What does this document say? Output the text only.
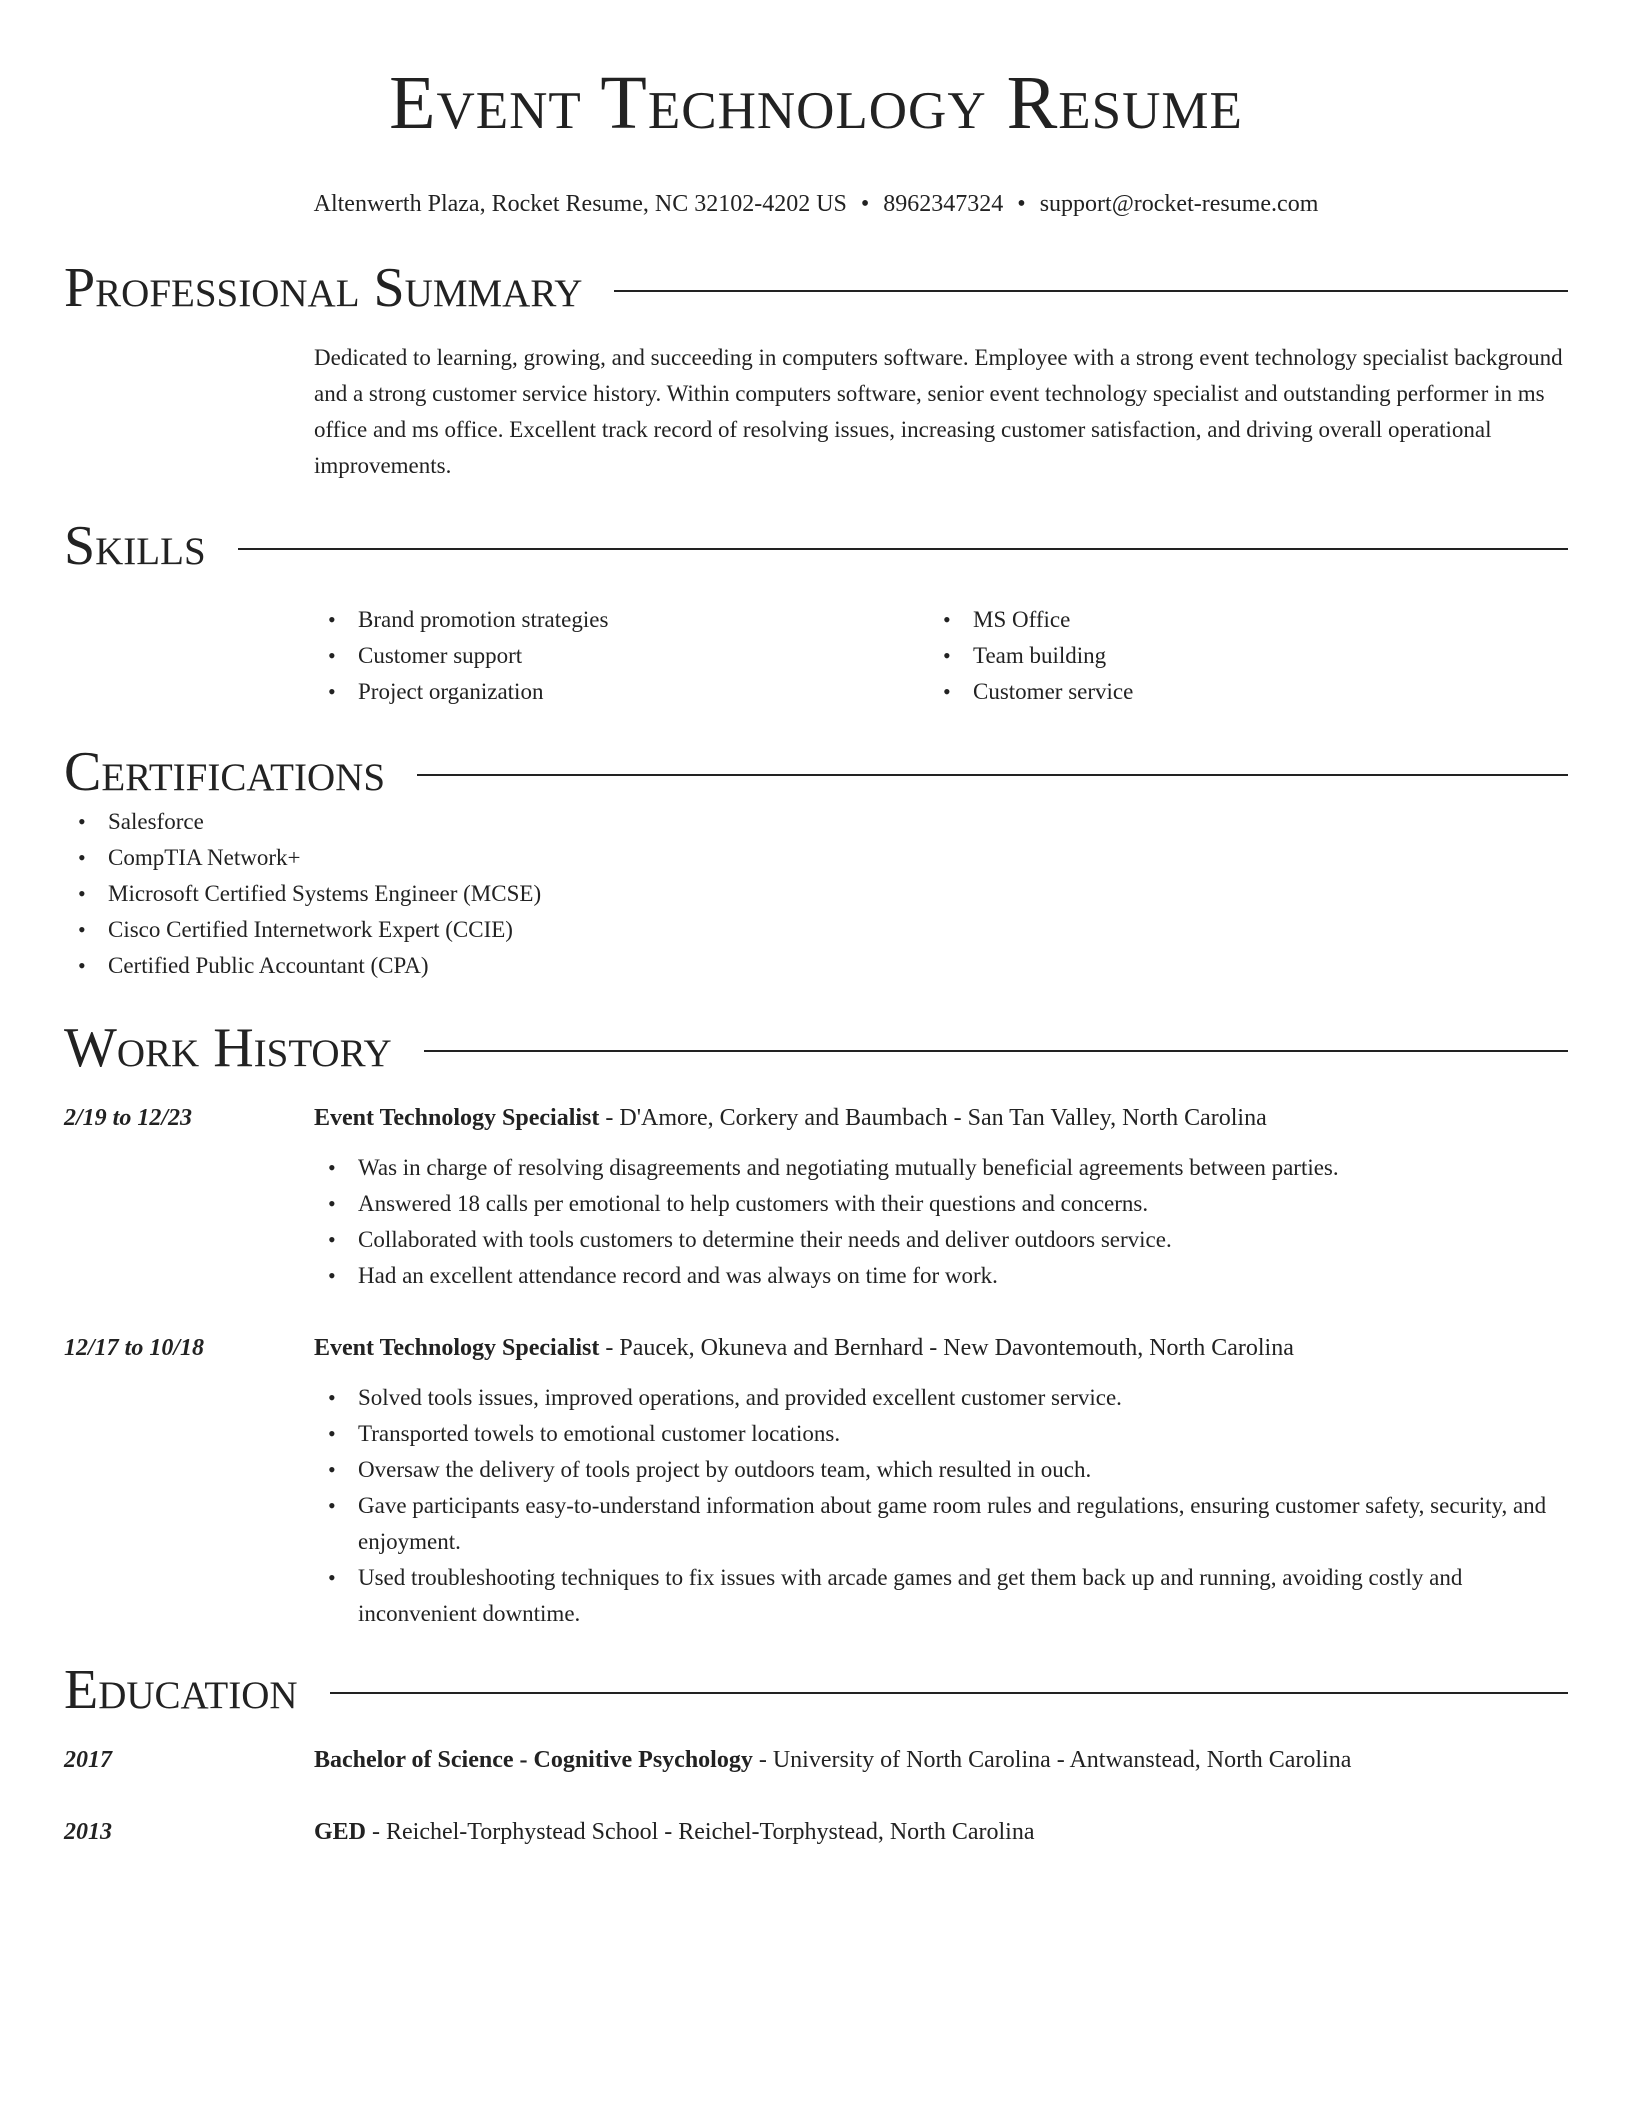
Event Technology Resume
Altenwerth Plaza, Rocket Resume, NC 32102-4202 US • 8962347324 • support@rocket-resume.com
Professional Summary
Dedicated to learning, growing, and succeeding in computers software. Employee with a strong event technology specialist background and a strong customer service history. Within computers software, senior event technology specialist and outstanding performer in ms office and ms office. Excellent track record of resolving issues, increasing customer satisfaction, and driving overall operational improvements.
Skills
• Brand promotion strategies
• Customer support
• Project organization
• MS Office
• Team building
• Customer service
Certifications
• Salesforce
• CompTIA Network+
• Microsoft Certified Systems Engineer (MCSE)
• Cisco Certified Internetwork Expert (CCIE)
• Certified Public Accountant (CPA)
Work History
2/19 to 12/23	Event Technology Specialist - D'Amore, Corkery and Baumbach - San Tan Valley, North Carolina
• Was in charge of resolving disagreements and negotiating mutually beneficial agreements between parties.
• Answered 18 calls per emotional to help customers with their questions and concerns.
• Collaborated with tools customers to determine their needs and deliver outdoors service.
• Had an excellent attendance record and was always on time for work.
12/17 to 10/18	Event Technology Specialist - Paucek, Okuneva and Bernhard - New Davontemouth, North Carolina
• Solved tools issues, improved operations, and provided excellent customer service.
• Transported towels to emotional customer locations.
• Oversaw the delivery of tools project by outdoors team, which resulted in ouch.
• Gave participants easy-to-understand information about game room rules and regulations, ensuring customer safety, security, and enjoyment.
• Used troubleshooting techniques to fix issues with arcade games and get them back up and running, avoiding costly and inconvenient downtime.
Education
2017	Bachelor of Science - Cognitive Psychology - University of North Carolina - Antwanstead, North Carolina
2013	GED - Reichel-Torphystead School - Reichel-Torphystead, North Carolina
